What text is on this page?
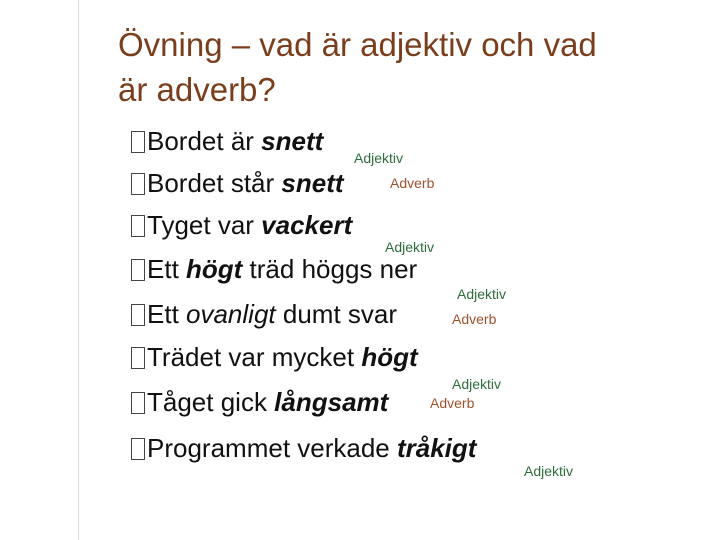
Övning – vad är adjektiv och vad
är adverb?
Bordet är snett
Adjektiv
Bordet står snett	Adverb
Tyget var vackert
Adjektiv
Ett högt träd höggs ner
Adjektiv
Ett ovanligt dumt svar	Adverb
Trädet var mycket högt
Adjektiv
Tåget gick långsamt	Adverb
Programmet verkade tråkigt
Adjektiv
